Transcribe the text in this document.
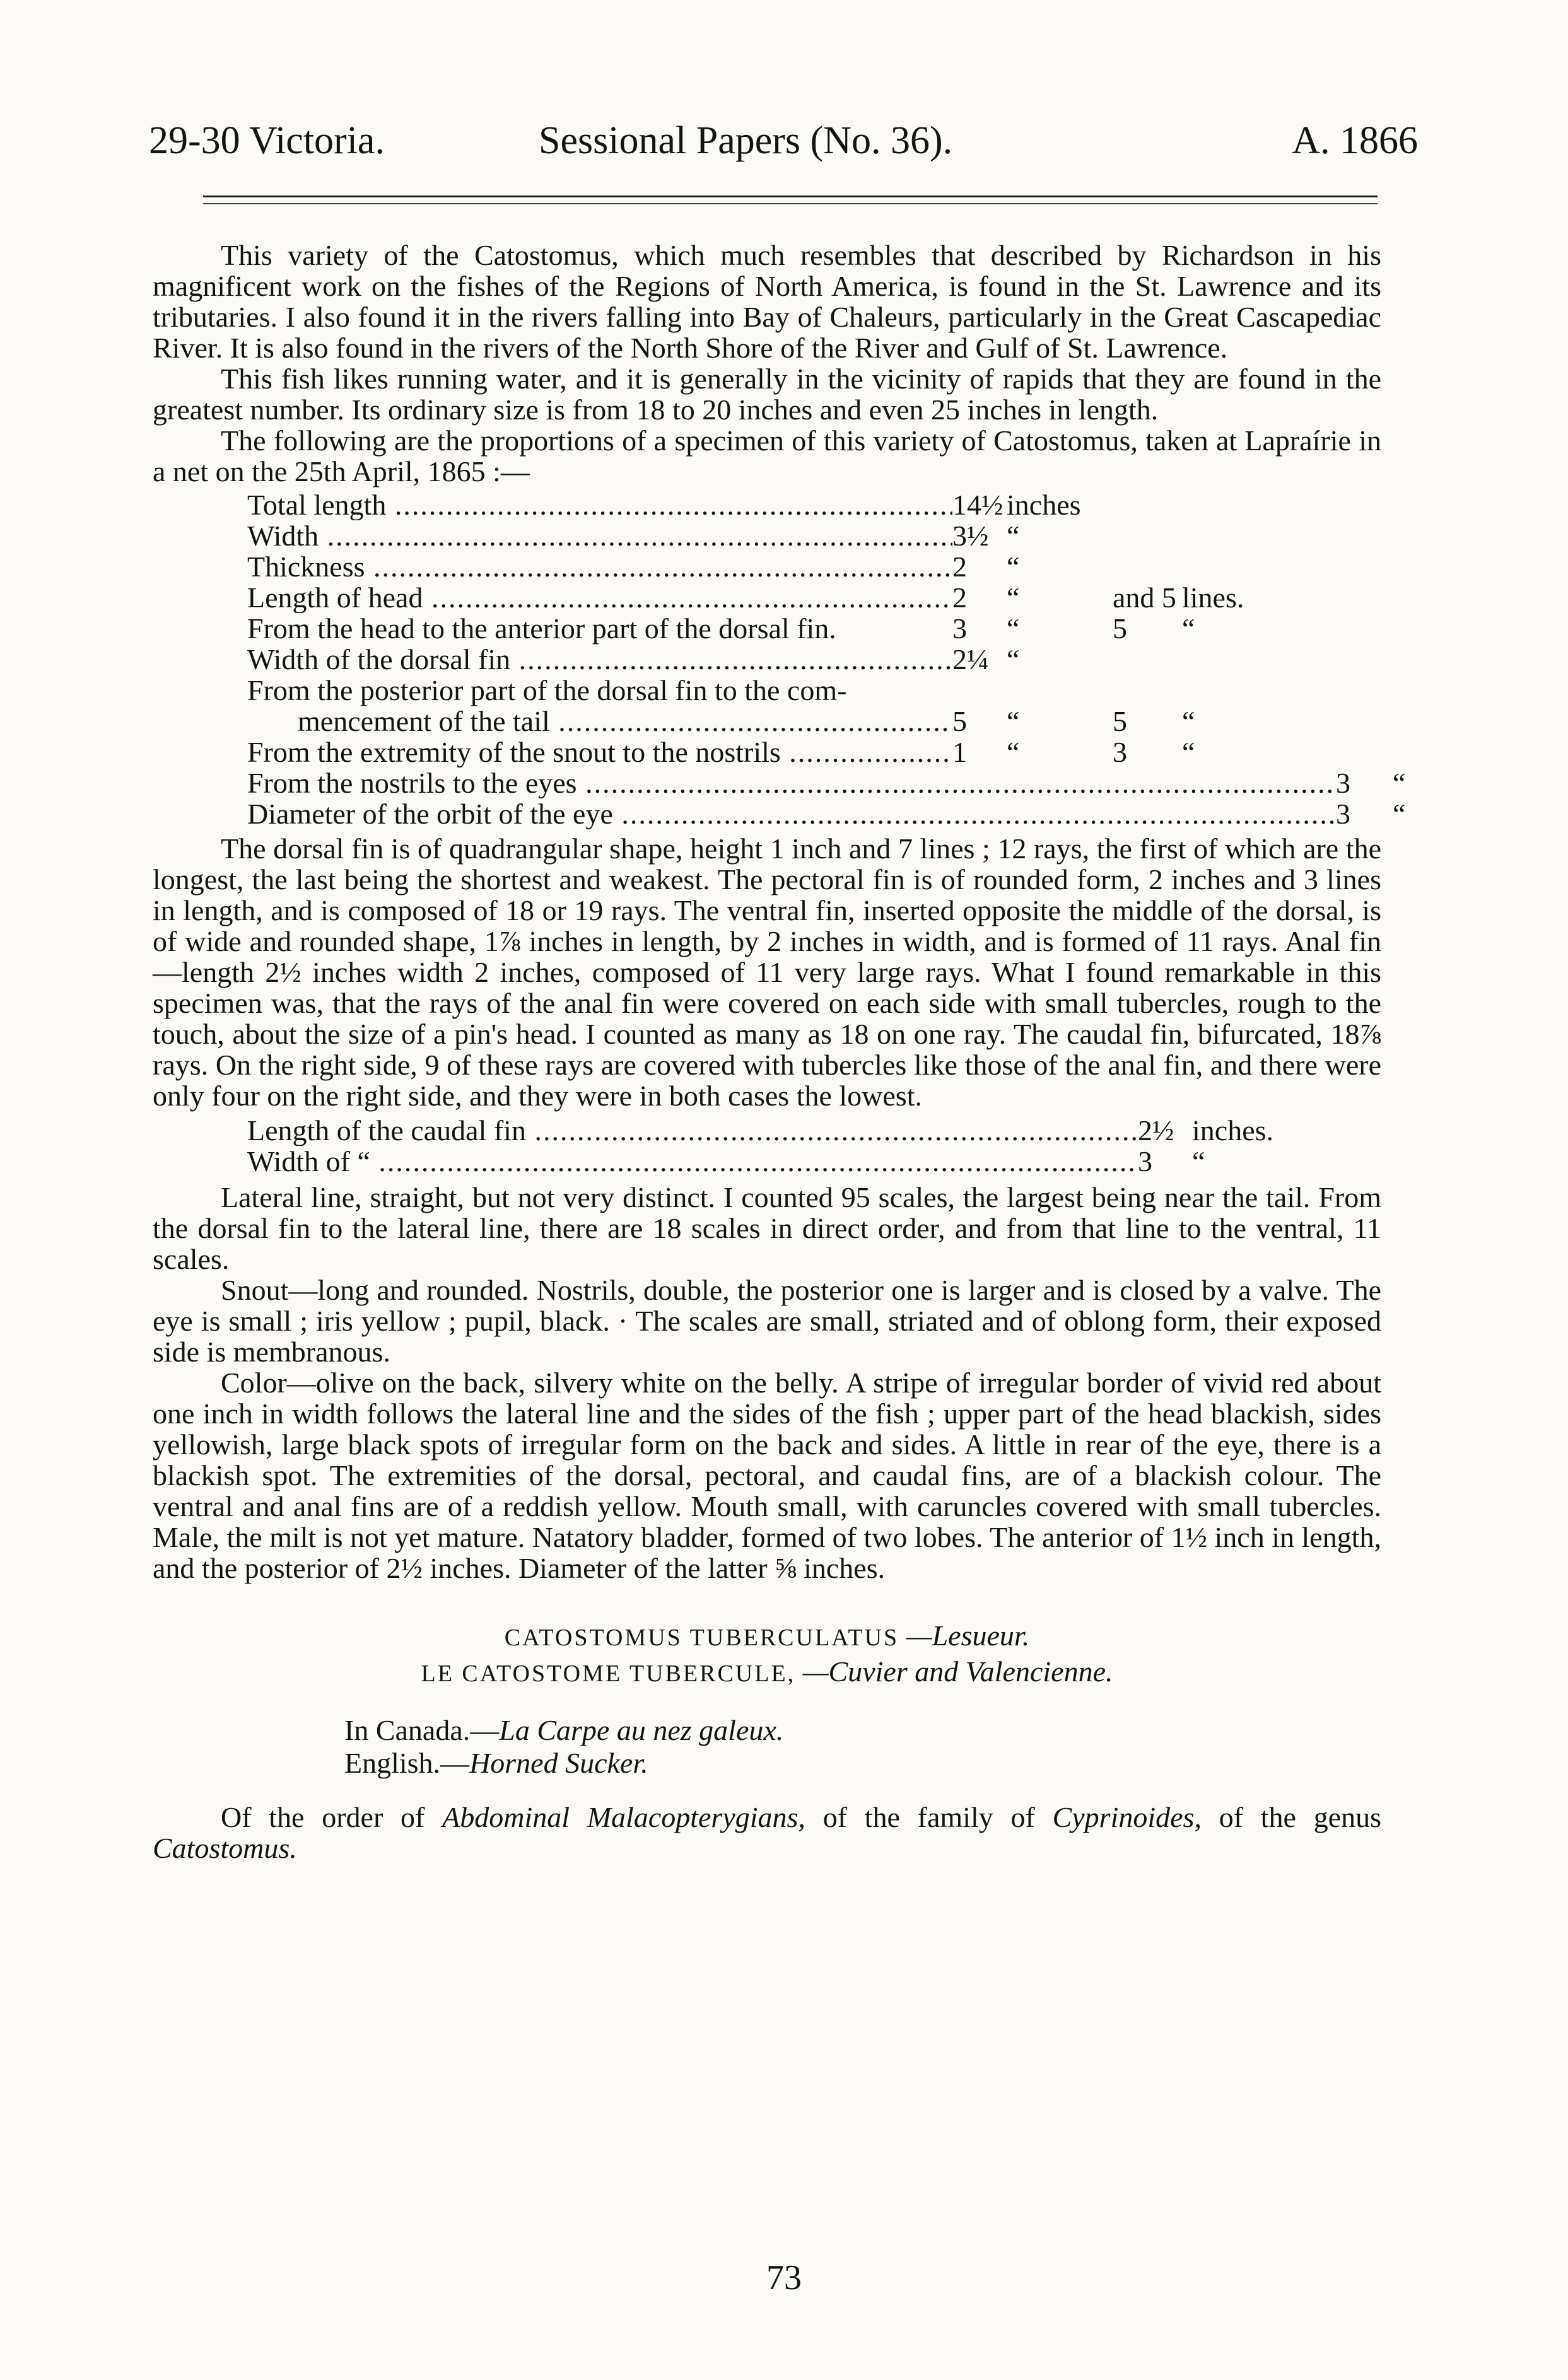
29-30 Victoria.	Sessional Papers (No. 36).	A. 1866

This variety of the Catostomus, which much resembles that described by Richardson in his magnificent work on the fishes of the Regions of North America, is found in the St. Lawrence and its tributaries. I also found it in the rivers falling into Bay of Chaleurs, particularly in the Great Cascapediac River. It is also found in the rivers of the North Shore of the River and Gulf of St. Lawrence.

This fish likes running water, and it is generally in the vicinity of rapids that they are found in the greatest number. Its ordinary size is from 18 to 20 inches and even 25 inches in length.

The following are the proportions of a specimen of this variety of Catostomus, taken at Lapraírie in a net on the 25th April, 1865 :—

Total length .....	14½ inches
Width .....	3½ “
Thickness .....	2	“
Length of head .....	2	“	and 5 lines.
From the head to the anterior part of the dorsal fin.	3	“	5	“
Width of the dorsal fin .....	2¼ “
From the posterior part of the dorsal fin to the com-
mencement of the tail .....	5	“	5	“
From the extremity of the snout to the nostrils .....	1	“	3	“
From the nostrils to the eyes .....	3	“
Diameter of the orbit of the eye .....	3	“

The dorsal fin is of quadrangular shape, height 1 inch and 7 lines ; 12 rays, the first of which are the longest, the last being the shortest and weakest. The pectoral fin is of rounded form, 2 inches and 3 lines in length, and is composed of 18 or 19 rays. The ventral fin, inserted opposite the middle of the dorsal, is of wide and rounded shape, 1⅞ inches in length, by 2 inches in width, and is formed of 11 rays. Anal fin—length 2½ inches width 2 inches, composed of 11 very large rays. What I found remarkable in this specimen was, that the rays of the anal fin were covered on each side with small tubercles, rough to the touch, about the size of a pin's head. I counted as many as 18 on one ray. The caudal fin, bifurcated, 18⅞ rays. On the right side, 9 of these rays are covered with tubercles like those of the anal fin, and there were only four on the right side, and they were in both cases the lowest.

Length of the caudal fin .....	2½ inches.
Width of “ .....	3	“

Lateral line, straight, but not very distinct. I counted 95 scales, the largest being near the tail. From the dorsal fin to the lateral line, there are 18 scales in direct order, and from that line to the ventral, 11 scales.

Snout—long and rounded. Nostrils, double, the posterior one is larger and is closed by a valve. The eye is small ; iris yellow ; pupil, black. · The scales are small, striated and of oblong form, their exposed side is membranous.

Color—olive on the back, silvery white on the belly. A stripe of irregular border of vivid red about one inch in width follows the lateral line and the sides of the fish ; upper part of the head blackish, sides yellowish, large black spots of irregular form on the back and sides. A little in rear of the eye, there is a blackish spot. The extremities of the dorsal, pectoral, and caudal fins, are of a blackish colour. The ventral and anal fins are of a reddish yellow. Mouth small, with caruncles covered with small tubercles. Male, the milt is not yet mature. Natatory bladder, formed of two lobes. The anterior of 1½ inch in length, and the posterior of 2½ inches. Diameter of the latter ⅝ inches.

CATOSTOMUS TUBERCULATUS —Lesueur.
LE CATOSTOME TUBERCULE, —Cuvier and Valencienne.
In Canada.—La Carpe au nez galeux.
English.—Horned Sucker.

Of the order of Abdominal Malacopterygians, of the family of Cyprinoides, of the genus Catostomus.

73
